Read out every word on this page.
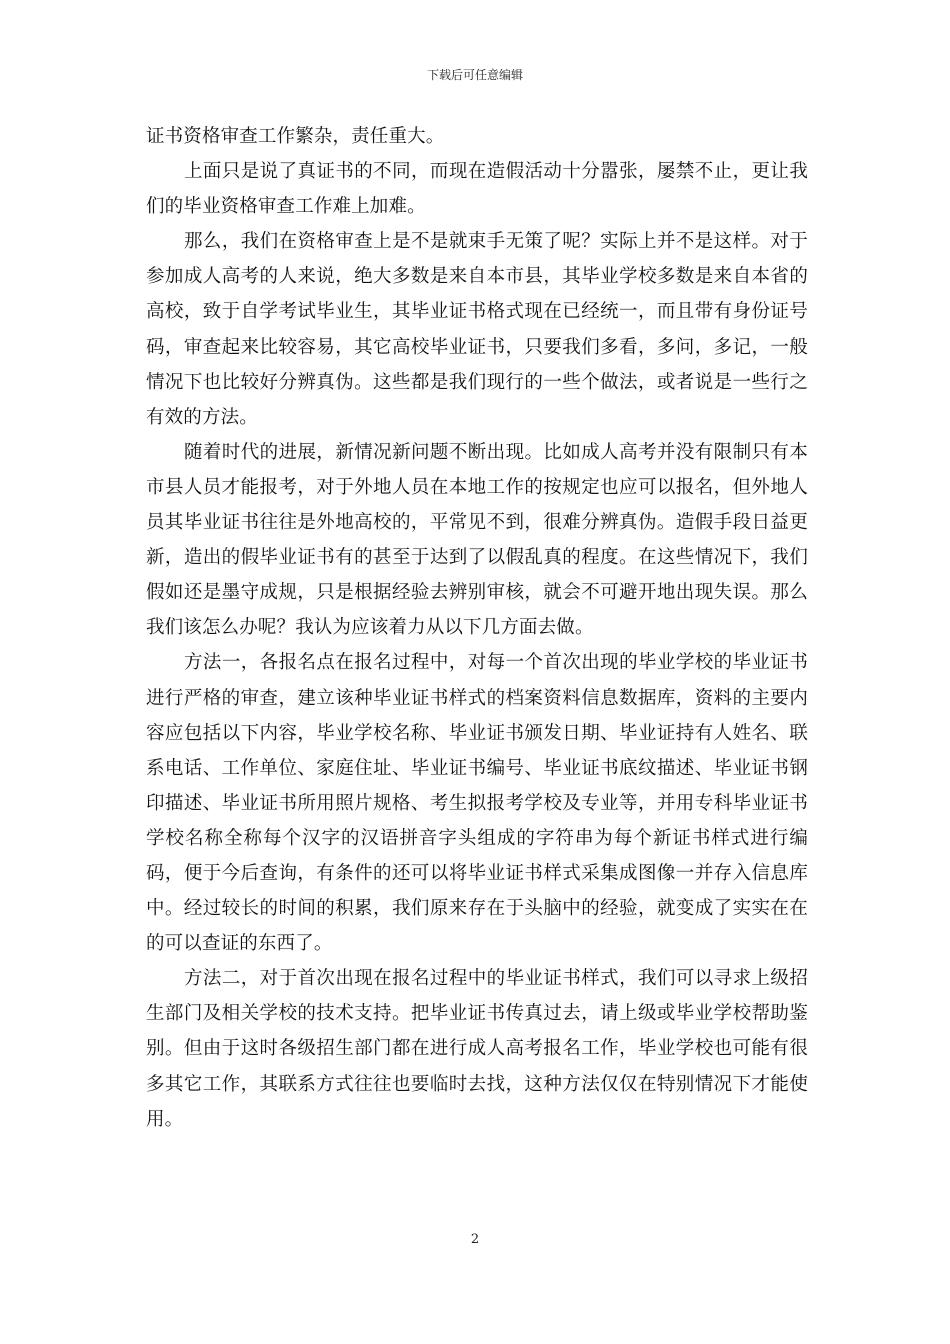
下载后可任意编辑

证书资格审查工作繁杂，责任重大。

上面只是说了真证书的不同，而现在造假活动十分嚣张，屡禁不止，更让我们的毕业资格审查工作难上加难。

那么，我们在资格审查上是不是就束手无策了呢？实际上并不是这样。对于参加成人高考的人来说，绝大多数是来自本市县，其毕业学校多数是来自本省的高校，致于自学考试毕业生，其毕业证书格式现在已经统一，而且带有身份证号码，审查起来比较容易，其它高校毕业证书，只要我们多看，多问，多记，一般情况下也比较好分辨真伪。这些都是我们现行的一些个做法，或者说是一些行之有效的方法。

随着时代的进展，新情况新问题不断出现。比如成人高考并没有限制只有本市县人员才能报考，对于外地人员在本地工作的按规定也应可以报名，但外地人员其毕业证书往往是外地高校的，平常见不到，很难分辨真伪。造假手段日益更新，造出的假毕业证书有的甚至于达到了以假乱真的程度。在这些情况下，我们假如还是墨守成规，只是根据经验去辨别审核，就会不可避开地出现失误。那么我们该怎么办呢？我认为应该着力从以下几方面去做。

方法一，各报名点在报名过程中，对每一个首次出现的毕业学校的毕业证书进行严格的审查，建立该种毕业证书样式的档案资料信息数据库，资料的主要内容应包括以下内容，毕业学校名称、毕业证书颁发日期、毕业证持有人姓名、联系电话、工作单位、家庭住址、毕业证书编号、毕业证书底纹描述、毕业证书钢印描述、毕业证书所用照片规格、考生拟报考学校及专业等，并用专科毕业证书学校名称全称每个汉字的汉语拼音字头组成的字符串为每个新证书样式进行编码，便于今后查询，有条件的还可以将毕业证书样式采集成图像一并存入信息库中。经过较长的时间的积累，我们原来存在于头脑中的经验，就变成了实实在在的可以查证的东西了。

方法二，对于首次出现在报名过程中的毕业证书样式，我们可以寻求上级招生部门及相关学校的技术支持。把毕业证书传真过去，请上级或毕业学校帮助鉴别。但由于这时各级招生部门都在进行成人高考报名工作，毕业学校也可能有很多其它工作，其联系方式往往也要临时去找，这种方法仅仅在特别情况下才能使用。

2
